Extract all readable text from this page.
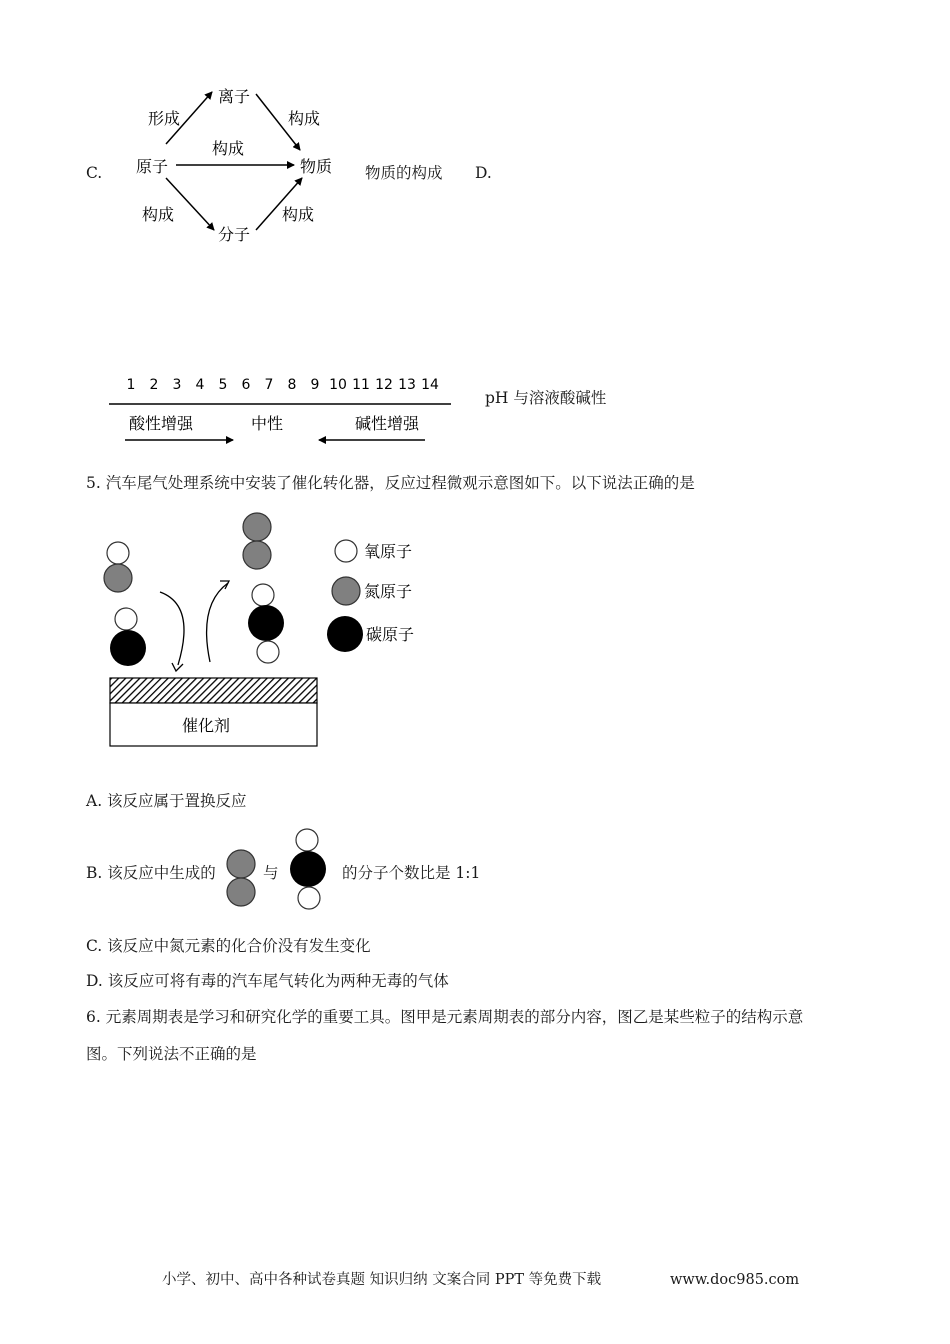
C.
离子
原子	物质
分子
形成	构成
构成
构成	构成
物质的构成 D.
1 2 3 4 5 6 7 8 9 10 11 12 13 14
酸性增强	中性	碱性增强
pH 与溶液酸碱性
5. 汽车尾气处理系统中安装了催化转化器，反应过程微观示意图如下。以下说法正确的是
催化剂
氧原子
氮原子
碳原子
A. 该反应属于置换反应
B. 该反应中生成的	与	的分子个数比是 1:1
C. 该反应中氮元素的化合价没有发生变化
D. 该反应可将有毒的汽车尾气转化为两种无毒的气体
6. 元素周期表是学习和研究化学的重要工具。图甲是元素周期表的部分内容，图乙是某些粒子的结构示意
图。下列说法不正确的是
小学、初中、高中各种试卷真题 知识归纳 文案合同 PPT 等免费下载	www.doc985.com
